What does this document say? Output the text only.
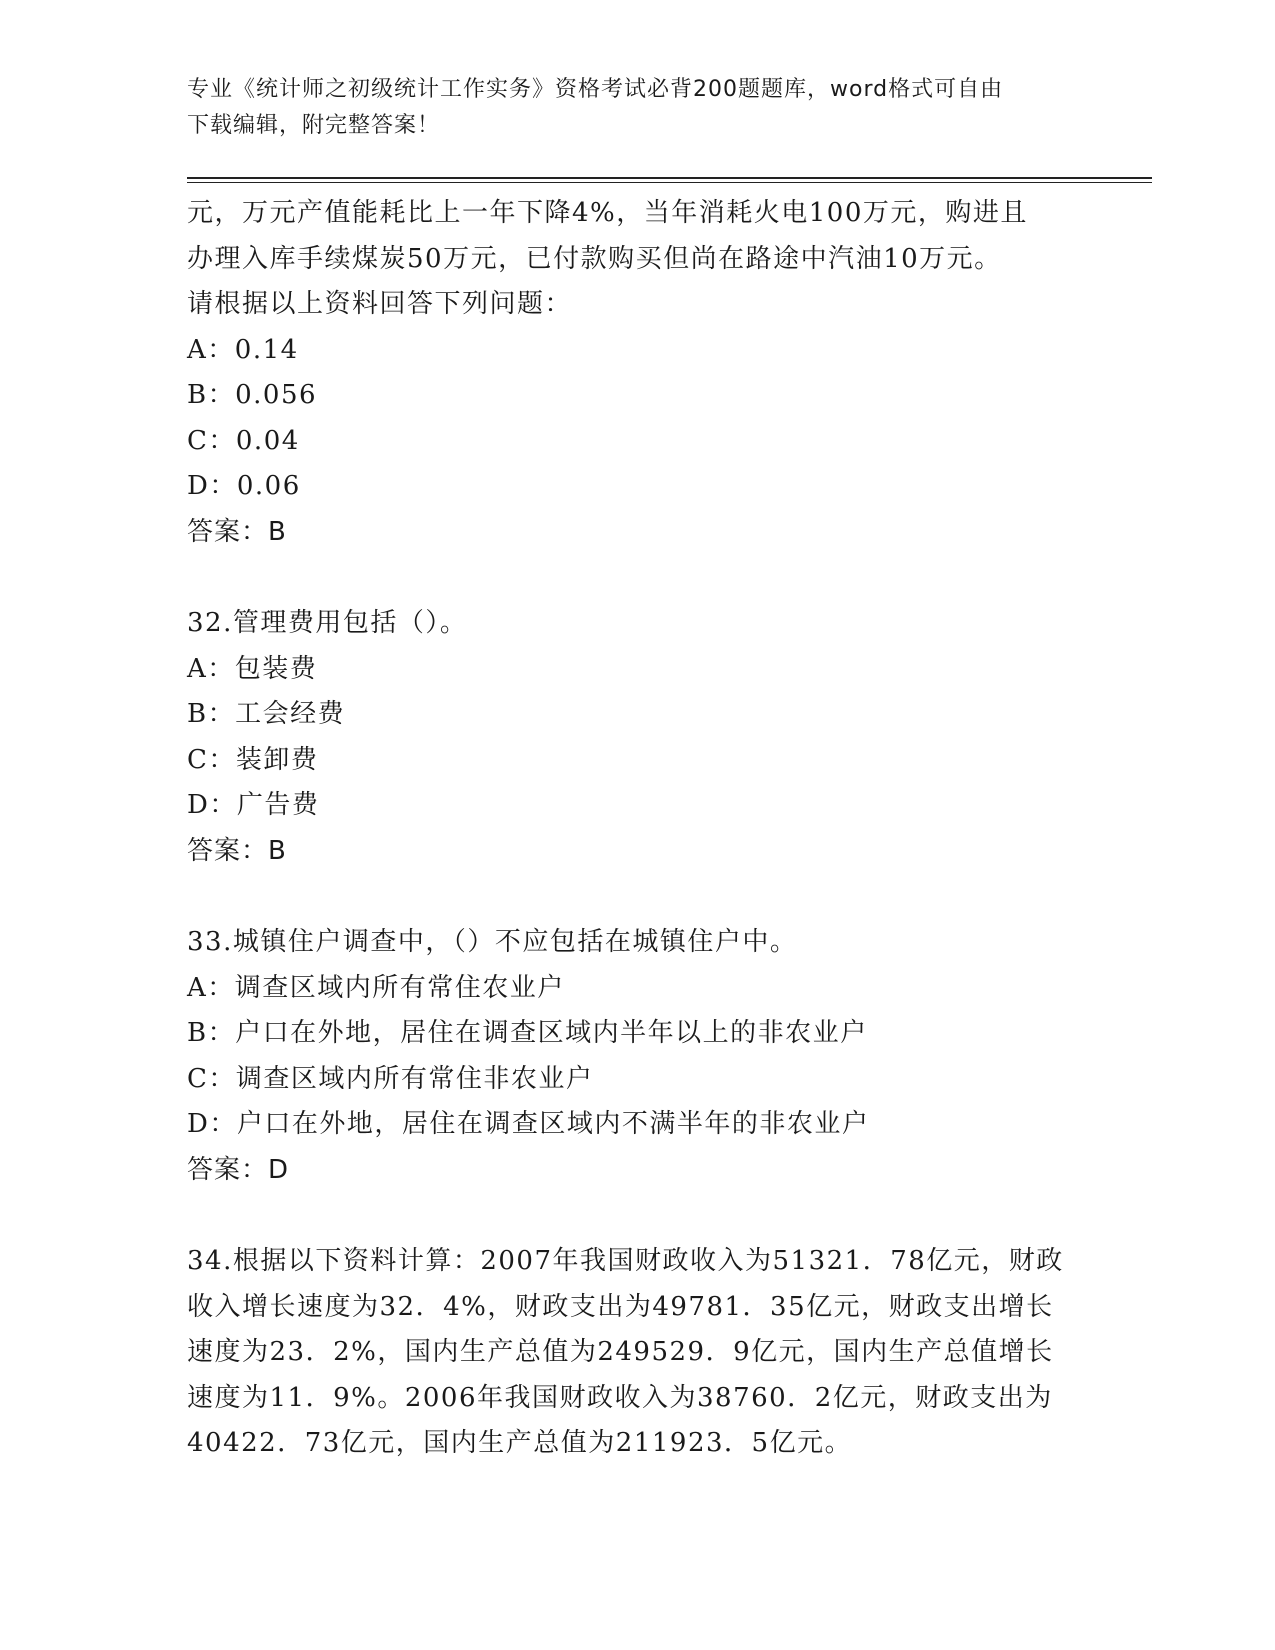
专业《统计师之初级统计工作实务》资格考试必背200题题库，word格式可自由
下载编辑，附完整答案！
元，万元产值能耗比上一年下降4%，当年消耗火电100万元，购进且
办理入库手续煤炭50万元，已付款购买但尚在路途中汽油10万元。
请根据以上资料回答下列问题：
A：0.14
B：0.056
C：0.04
D：0.06
答案：B
32.管理费用包括（）。
A：包装费
B：工会经费
C：装卸费
D：广告费
答案：B
33.城镇住户调查中，（）不应包括在城镇住户中。
A：调查区域内所有常住农业户
B：户口在外地，居住在调查区域内半年以上的非农业户
C：调查区域内所有常住非农业户
D：户口在外地，居住在调查区域内不满半年的非农业户
答案：D
34.根据以下资料计算：2007年我国财政收入为51321．78亿元，财政
收入增长速度为32．4%，财政支出为49781．35亿元，财政支出增长
速度为23．2%，国内生产总值为249529．9亿元，国内生产总值增长
速度为11．9%。2006年我国财政收入为38760．2亿元，财政支出为
40422．73亿元，国内生产总值为211923．5亿元。
